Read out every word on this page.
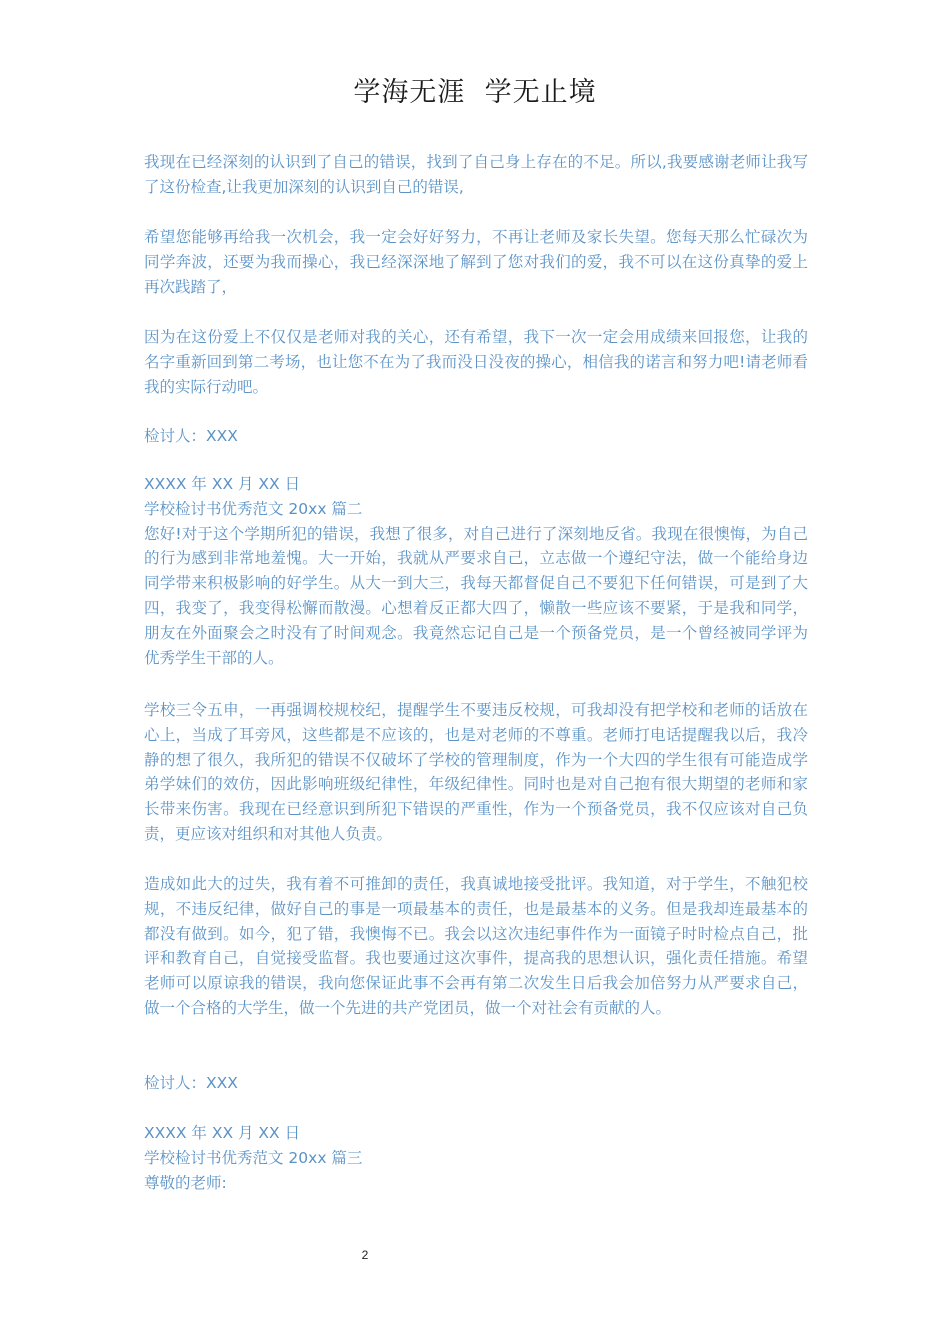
学海无涯  学无止境

我现在已经深刻的认识到了自己的错误，找到了自己身上存在的不足。所以,我要感谢老师让我写了这份检查,让我更加深刻的认识到自己的错误,

希望您能够再给我一次机会，我一定会好好努力，不再让老师及家长失望。您每天那么忙碌次为同学奔波，还要为我而操心，我已经深深地了解到了您对我们的爱，我不可以在这份真挚的爱上再次践踏了，

因为在这份爱上不仅仅是老师对我的关心，还有希望，我下一次一定会用成绩来回报您，让我的名字重新回到第二考场，也让您不在为了我而没日没夜的操心，相信我的诺言和努力吧!请老师看我的实际行动吧。

检讨人：XXX

XXXX 年 XX 月 XX 日

学校检讨书优秀范文 20xx 篇二

您好!对于这个学期所犯的错误，我想了很多，对自己进行了深刻地反省。我现在很懊悔，为自己的行为感到非常地羞愧。大一开始，我就从严要求自己，立志做一个遵纪守法，做一个能给身边同学带来积极影响的好学生。从大一到大三，我每天都督促自己不要犯下任何错误，可是到了大四，我变了，我变得松懈而散漫。心想着反正都大四了，懒散一些应该不要紧，于是我和同学，朋友在外面聚会之时没有了时间观念。我竟然忘记自己是一个预备党员，是一个曾经被同学评为优秀学生干部的人。

学校三令五申，一再强调校规校纪，提醒学生不要违反校规，可我却没有把学校和老师的话放在心上，当成了耳旁风，这些都是不应该的，也是对老师的不尊重。老师打电话提醒我以后，我冷静的想了很久，我所犯的错误不仅破坏了学校的管理制度，作为一个大四的学生很有可能造成学弟学妹们的效仿，因此影响班级纪律性，年级纪律性。同时也是对自己抱有很大期望的老师和家长带来伤害。我现在已经意识到所犯下错误的严重性，作为一个预备党员，我不仅应该对自己负责，更应该对组织和对其他人负责。

造成如此大的过失，我有着不可推卸的责任，我真诚地接受批评。我知道，对于学生，不触犯校规，不违反纪律，做好自己的事是一项最基本的责任，也是最基本的义务。但是我却连最基本的都没有做到。如今，犯了错，我懊悔不已。我会以这次违纪事件作为一面镜子时时检点自己，批评和教育自己，自觉接受监督。我也要通过这次事件，提高我的思想认识，强化责任措施。希望老师可以原谅我的错误，我向您保证此事不会再有第二次发生日后我会加倍努力从严要求自己，做一个合格的大学生，做一个先进的共产党团员，做一个对社会有贡献的人。

检讨人：XXX

XXXX 年 XX 月 XX 日

学校检讨书优秀范文 20xx 篇三

尊敬的老师:

2
